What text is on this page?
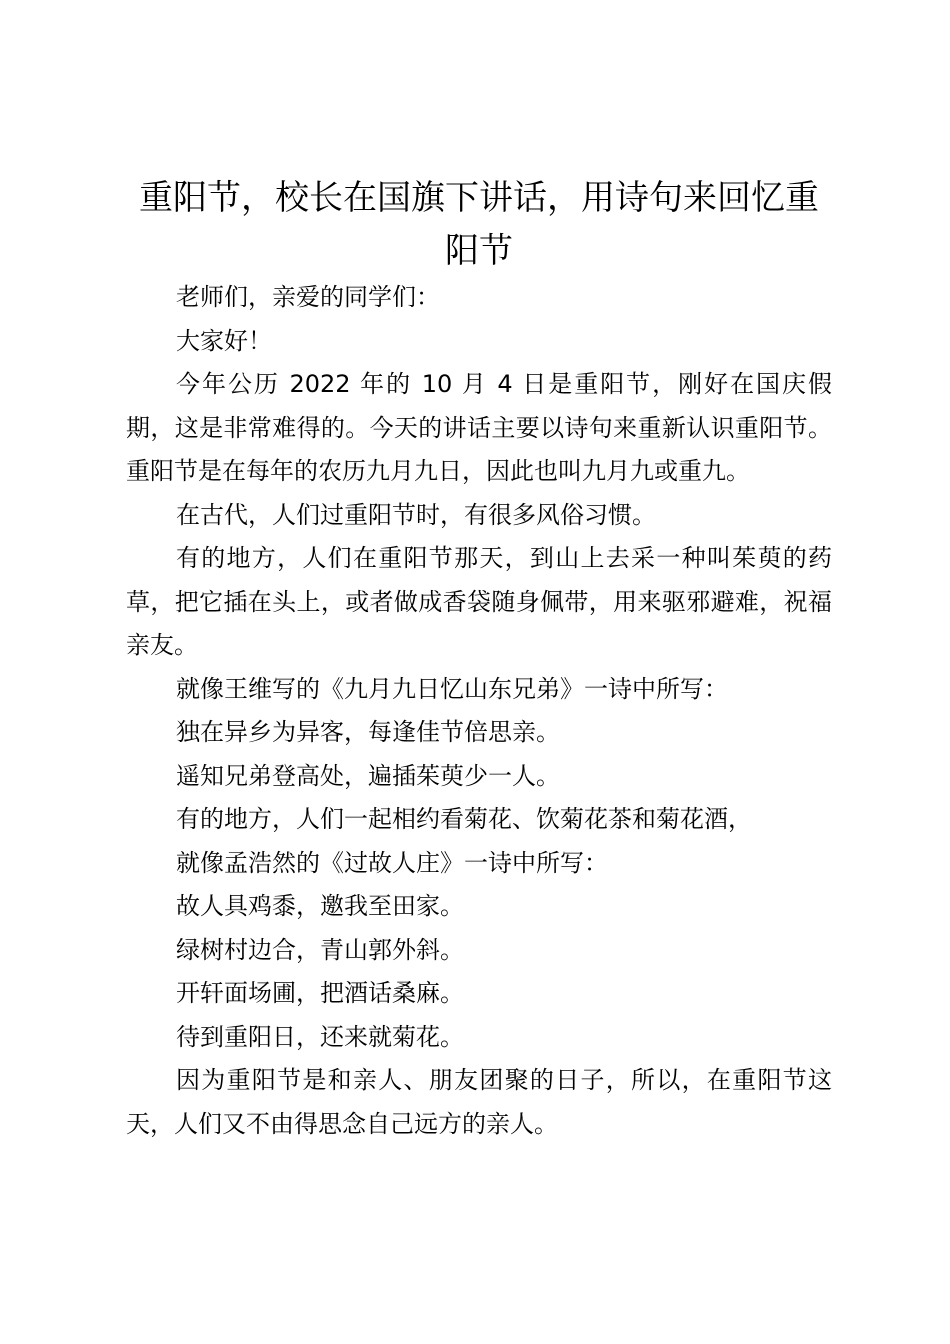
重阳节，校长在国旗下讲话，用诗句来回忆重阳节

老师们，亲爱的同学们：

大家好！

今年公历 2022 年的 10 月 4 日是重阳节，刚好在国庆假期，这是非常难得的。今天的讲话主要以诗句来重新认识重阳节。重阳节是在每年的农历九月九日，因此也叫九月九或重九。

在古代，人们过重阳节时，有很多风俗习惯。

有的地方，人们在重阳节那天，到山上去采一种叫茱萸的药草，把它插在头上，或者做成香袋随身佩带，用来驱邪避难，祝福亲友。

就像王维写的《九月九日忆山东兄弟》一诗中所写：

独在异乡为异客，每逢佳节倍思亲。

遥知兄弟登高处，遍插茱萸少一人。

有的地方，人们一起相约看菊花、饮菊花茶和菊花酒，

就像孟浩然的《过故人庄》一诗中所写：

故人具鸡黍，邀我至田家。

绿树村边合，青山郭外斜。

开轩面场圃，把酒话桑麻。

待到重阳日，还来就菊花。

因为重阳节是和亲人、朋友团聚的日子，所以，在重阳节这天，人们又不由得思念自己远方的亲人。
